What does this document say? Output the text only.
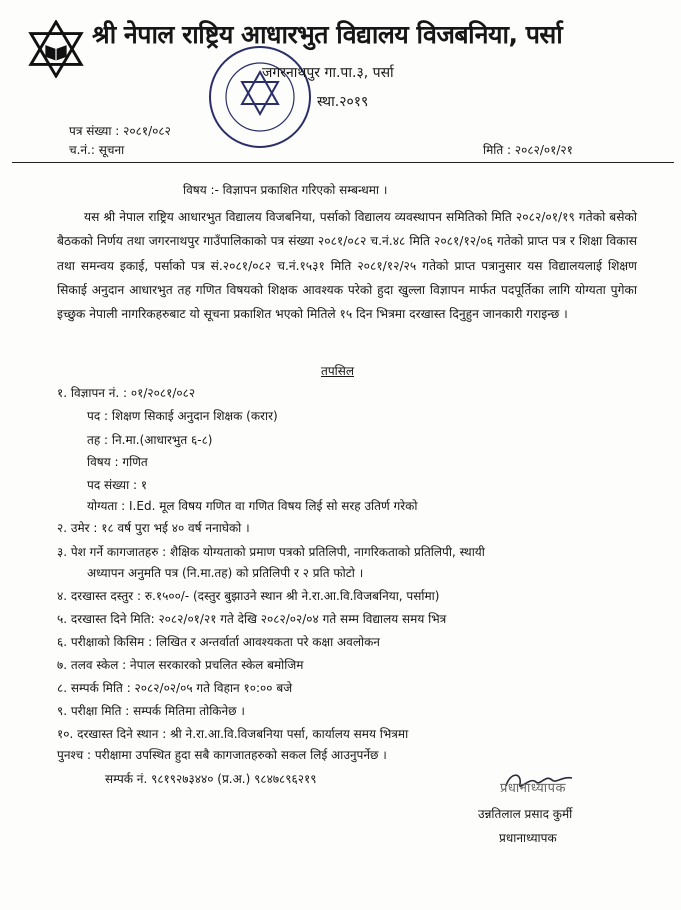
श्री नेपाल राष्ट्रिय आधारभुत विद्यालय विजबनिया, पर्सा
जगरनाथपुर गा.पा.३, पर्सा
स्था.२०१९
पत्र संख्या : २०८१/०८२
च.नं.: सूचना	मिति : २०८२/०१/२१
विषय :- विज्ञापन प्रकाशित गरिएको सम्बन्धमा ।
यस श्री नेपाल राष्ट्रिय आधारभुत विद्यालय विजबनिया, पर्साको विद्यालय व्यवस्थापन समितिको मिति २०८२/०१/१९ गतेको बसेको बैठकको निर्णय तथा जगरनाथपुर गाउँपालिकाको पत्र संख्या २०८१/०८२ च.नं.४८ मिति २०८१/१२/०६ गतेको प्राप्त पत्र र शिक्षा विकास तथा समन्वय इकाई, पर्साको पत्र सं.२०८१/०८२ च.नं.१५३१ मिति २०८१/१२/२५ गतेको प्राप्त पत्रानुसार यस विद्यालयलाई शिक्षण सिकाई अनुदान आधारभुत तह गणित विषयको शिक्षक आवश्यक परेको हुदा खुल्ला विज्ञापन मार्फत पदपूर्तिका लागि योग्यता पुगेका इच्छुक नेपाली नागरिकहरुबाट यो सूचना प्रकाशित भएको मितिले १५ दिन भित्रमा दरखास्त दिनुहुन जानकारी गराइन्छ ।
तपसिल
१. विज्ञापन नं. : ०१/२०८१/०८२
पद : शिक्षण सिकाई अनुदान शिक्षक (करार)
तह : नि.मा.(आधारभुत ६-८)
विषय : गणित
पद संख्या : १
योग्यता : I.Ed. मूल विषय गणित वा गणित विषय लिई सो सरह उतिर्ण गरेको
२. उमेर : १८ वर्ष पुरा भई ४० वर्ष ननाघेको ।
३. पेश गर्ने कागजातहरु : शैक्षिक योग्यताको प्रमाण पत्रको प्रतिलिपी, नागरिकताको प्रतिलिपी, स्थायी
अध्यापन अनुमति पत्र (नि.मा.तह) को प्रतिलिपी र २ प्रति फोटो ।
४. दरखास्त दस्तुर : रु.१५००/- (दस्तुर बुझाउने स्थान श्री ने.रा.आ.वि.विजबनिया, पर्सामा)
५. दरखास्त दिने मिति: २०८२/०१/२१ गते देखि २०८२/०२/०४ गते सम्म विद्यालय समय भित्र
६. परीक्षाको किसिम : लिखित र अन्तर्वार्ता आवश्यकता परे कक्षा अवलोकन
७. तलव स्केल : नेपाल सरकारको प्रचलित स्केल बमोजिम
८. सम्पर्क मिति : २०८२/०२/०५ गते विहान १०:०० बजे
९. परीक्षा मिति : सम्पर्क मितिमा तोकिनेछ ।
१०. दरखास्त दिने स्थान : श्री ने.रा.आ.वि.विजबनिया पर्सा, कार्यालय समय भित्रमा
पुनश्च : परीक्षामा उपस्थित हुदा सबै कागजातहरुको सकल लिई आउनुपर्नेछ ।
सम्पर्क नं. ९८१९२७३४४० (प्र.अ.) ९८४७८९६२१९
प्रधानाध्यापक
उन्नतिलाल प्रसाद कुर्मी
प्रधानाध्यापक
